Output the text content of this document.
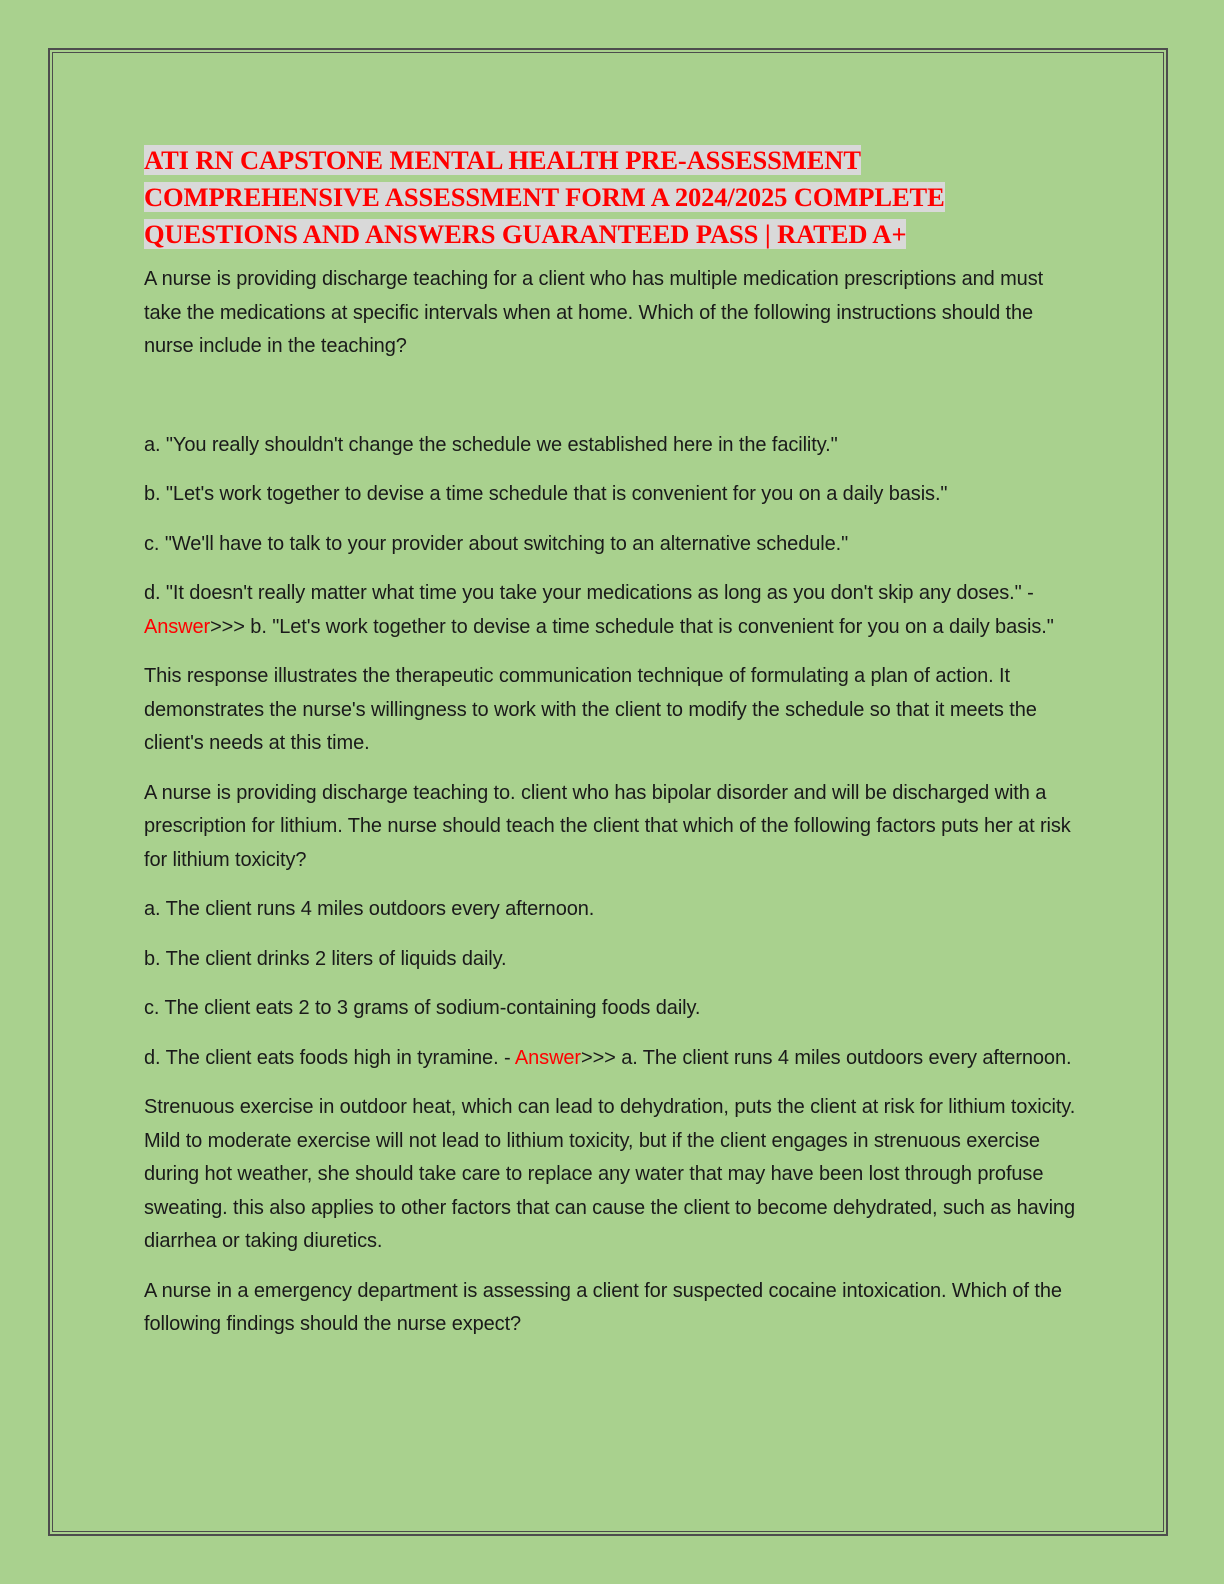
ATI RN CAPSTONE MENTAL HEALTH PRE-ASSESSMENT COMPREHENSIVE ASSESSMENT FORM A 2024/2025 COMPLETE QUESTIONS AND ANSWERS GUARANTEED PASS | RATED A+

A nurse is providing discharge teaching for a client who has multiple medication prescriptions and must take the medications at specific intervals when at home. Which of the following instructions should the nurse include in the teaching?

a. "You really shouldn't change the schedule we established here in the facility."

b. "Let's work together to devise a time schedule that is convenient for you on a daily basis."

c. "We'll have to talk to your provider about switching to an alternative schedule."

d. "It doesn't really matter what time you take your medications as long as you don't skip any doses." - Answer>>> b. "Let's work together to devise a time schedule that is convenient for you on a daily basis."

This response illustrates the therapeutic communication technique of formulating a plan of action. It demonstrates the nurse's willingness to work with the client to modify the schedule so that it meets the client's needs at this time.

A nurse is providing discharge teaching to. client who has bipolar disorder and will be discharged with a prescription for lithium. The nurse should teach the client that which of the following factors puts her at risk for lithium toxicity?

a. The client runs 4 miles outdoors every afternoon.

b. The client drinks 2 liters of liquids daily.

c. The client eats 2 to 3 grams of sodium-containing foods daily.

d. The client eats foods high in tyramine. - Answer>>> a. The client runs 4 miles outdoors every afternoon.

Strenuous exercise in outdoor heat, which can lead to dehydration, puts the client at risk for lithium toxicity. Mild to moderate exercise will not lead to lithium toxicity, but if the client engages in strenuous exercise during hot weather, she should take care to replace any water that may have been lost through profuse sweating. this also applies to other factors that can cause the client to become dehydrated, such as having diarrhea or taking diuretics.

A nurse in a emergency department is assessing a client for suspected cocaine intoxication. Which of the following findings should the nurse expect?
